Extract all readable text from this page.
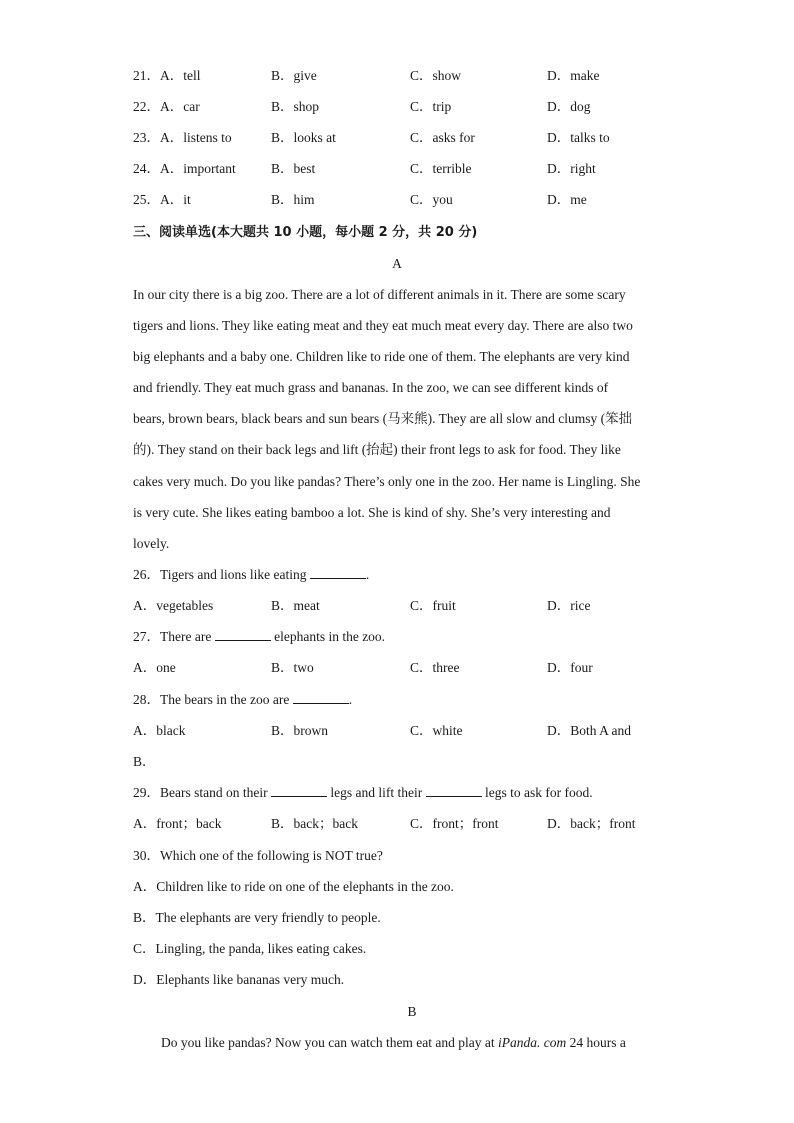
21．A．tell	B．give	C．show	D．make
22．A．car	B．shop	C．trip	D．dog
23．A．listens to	B．looks at	C．asks for	D．talks to
24．A．important	B．best	C．terrible	D．right
25．A．it	B．him	C．you	D．me
三、阅读单选(本大题共 10 小题，每小题 2 分，共 20 分)
A
In our city there is a big zoo. There are a lot of different animals in it. There are some scary
tigers and lions. They like eating meat and they eat much meat every day. There are also two
big elephants and a baby one. Children like to ride one of them. The elephants are very kind
and friendly. They eat much grass and bananas. In the zoo, we can see different kinds of
bears, brown bears, black bears and sun bears (马来熊). They are all slow and clumsy (笨拙
的). They stand on their back legs and lift (抬起) their front legs to ask for food. They like
cakes very much. Do you like pandas? There’s only one in the zoo. Her name is Lingling. She
is very cute. She likes eating bamboo a lot. She is kind of shy. She’s very interesting and
lovely.
26．Tigers and lions like eating	.
A．vegetables	B．meat	C．fruit	D．rice
27．There are	elephants in the zoo.
A．one	B．two	C．three	D．four
28．The bears in the zoo are	.
A．black	B．brown	C．white	D．Both A and
B．
29．Bears stand on their	legs and lift their	legs to ask for food.
A．front；back	B．back；back	C．front；front	D．back；front
30．Which one of the following is NOT true?
A．Children like to ride on one of the elephants in the zoo.
B．The elephants are very friendly to people.
C．Lingling, the panda, likes eating cakes.
D．Elephants like bananas very much.
B
Do you like pandas? Now you can watch them eat and play at iPanda. com 24 hours a
